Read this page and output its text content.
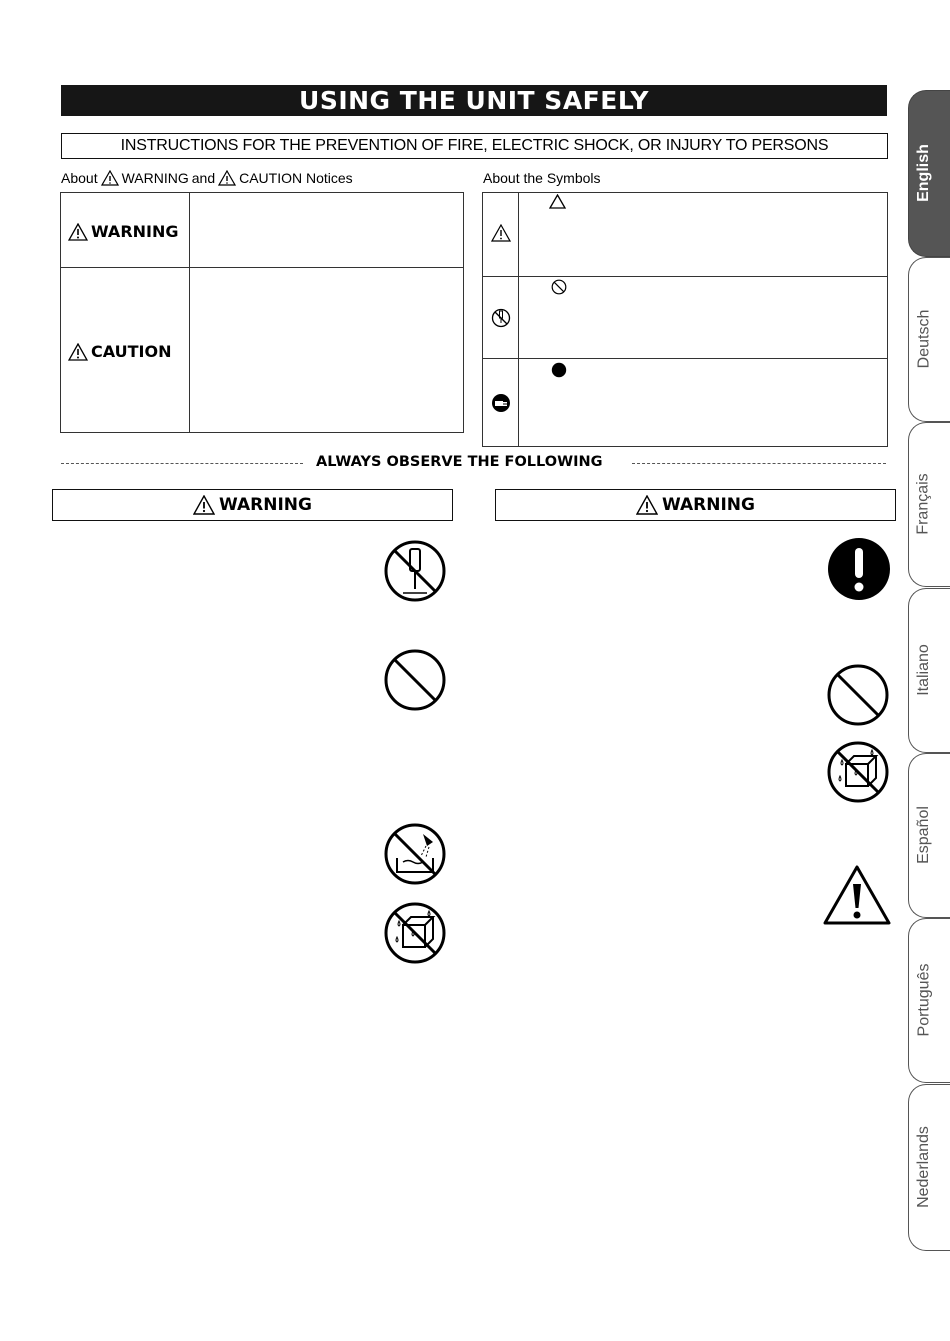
USING THE UNIT SAFELY
INSTRUCTIONS FOR THE PREVENTION OF FIRE, ELECTRIC SHOCK, OR INJURY TO PERSONS
About WARNING and CAUTION Notices
WARNING
CAUTION
About the Symbols
ALWAYS OBSERVE THE FOLLOWING
WARNING	WARNING
English
Deutsch
Français
Italiano
Español
Português
Nederlands
